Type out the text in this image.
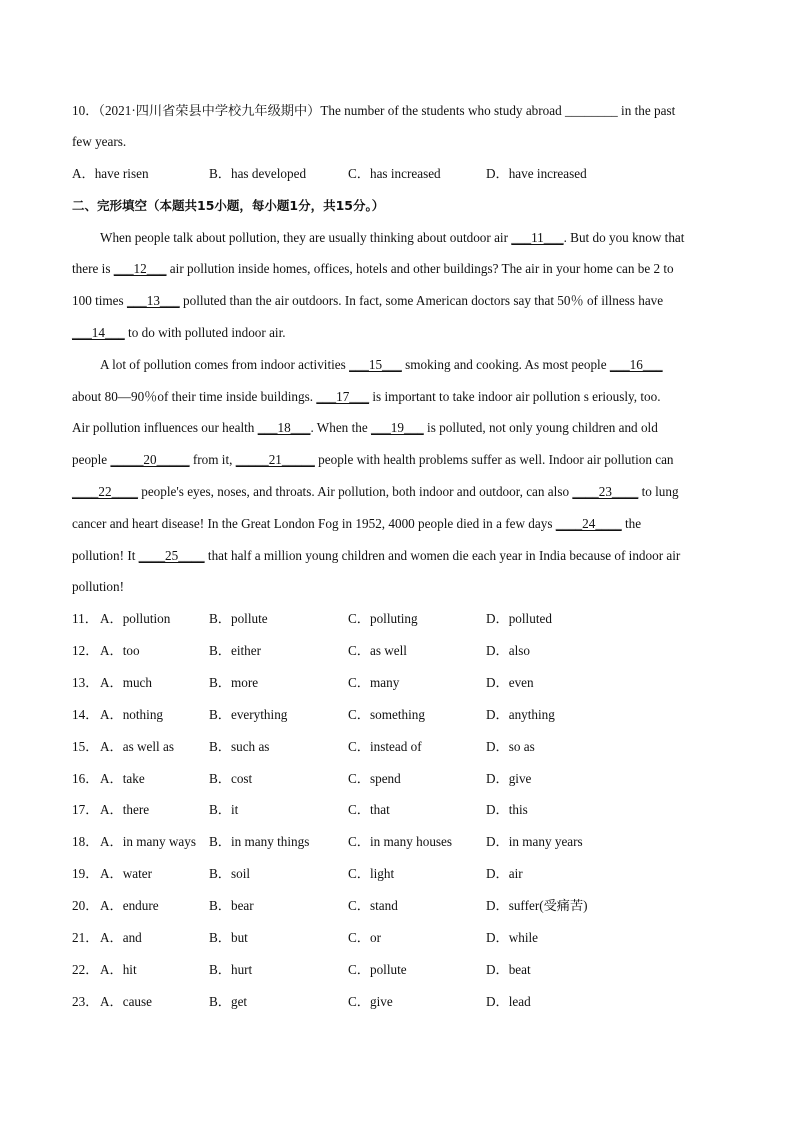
10．（2021·四川省荣县中学校九年级期中）The number of the students who study abroad ________ in the past
few years.
A．have risen	B．has developed	C．has increased	D．have increased
二、完形填空（本题共15小题，每小题1分，共15分。）
When people talk about pollution, they are usually thinking about outdoor air ___11___. But do you know that
there is ___12___ air pollution inside homes, offices, hotels and other buildings? The air in your home can be 2 to
100 times ___13___ polluted than the air outdoors. In fact, some American doctors say that 50％ of illness have
___14___ to do with polluted indoor air.
A lot of pollution comes from indoor activities ___15___ smoking and cooking. As most people ___16___
about 80—90％of their time inside buildings. ___17___ is important to take indoor air pollution s eriously, too.
Air pollution influences our health ___18___. When the ___19___ is polluted, not only young children and old
people _____20_____ from it, _____21_____ people with health problems suffer as well. Indoor air pollution can
____22____ people's eyes, noses, and throats. Air pollution, both indoor and outdoor, can also ____23____ to lung
cancer and heart disease! In the Great London Fog in 1952, 4000 people died in a few days ____24____ the
pollution! It ____25____ that half a million young children and women die each year in India because of indoor air
pollution!
11． A．pollution	B．pollute	C．polluting	D．polluted
12． A．too	B．either	C．as well	D．also
13． A．much	B．more	C．many	D．even
14． A．nothing	B．everything	C．something	D．anything
15． A．as well as	B．such as	C．instead of	D．so as
16． A．take	B．cost	C．spend	D．give
17． A．there	B．it	C．that	D．this
18． A．in many ways B．in many things	C．in many houses	D．in many years
19． A．water	B．soil	C．light	D．air
20． A．endure	B．bear	C．stand	D．suffer(受痛苦)
21． A．and	B．but	C．or	D．while
22． A．hit	B．hurt	C．pollute	D．beat
23． A．cause	B．get	C．give	D．lead
